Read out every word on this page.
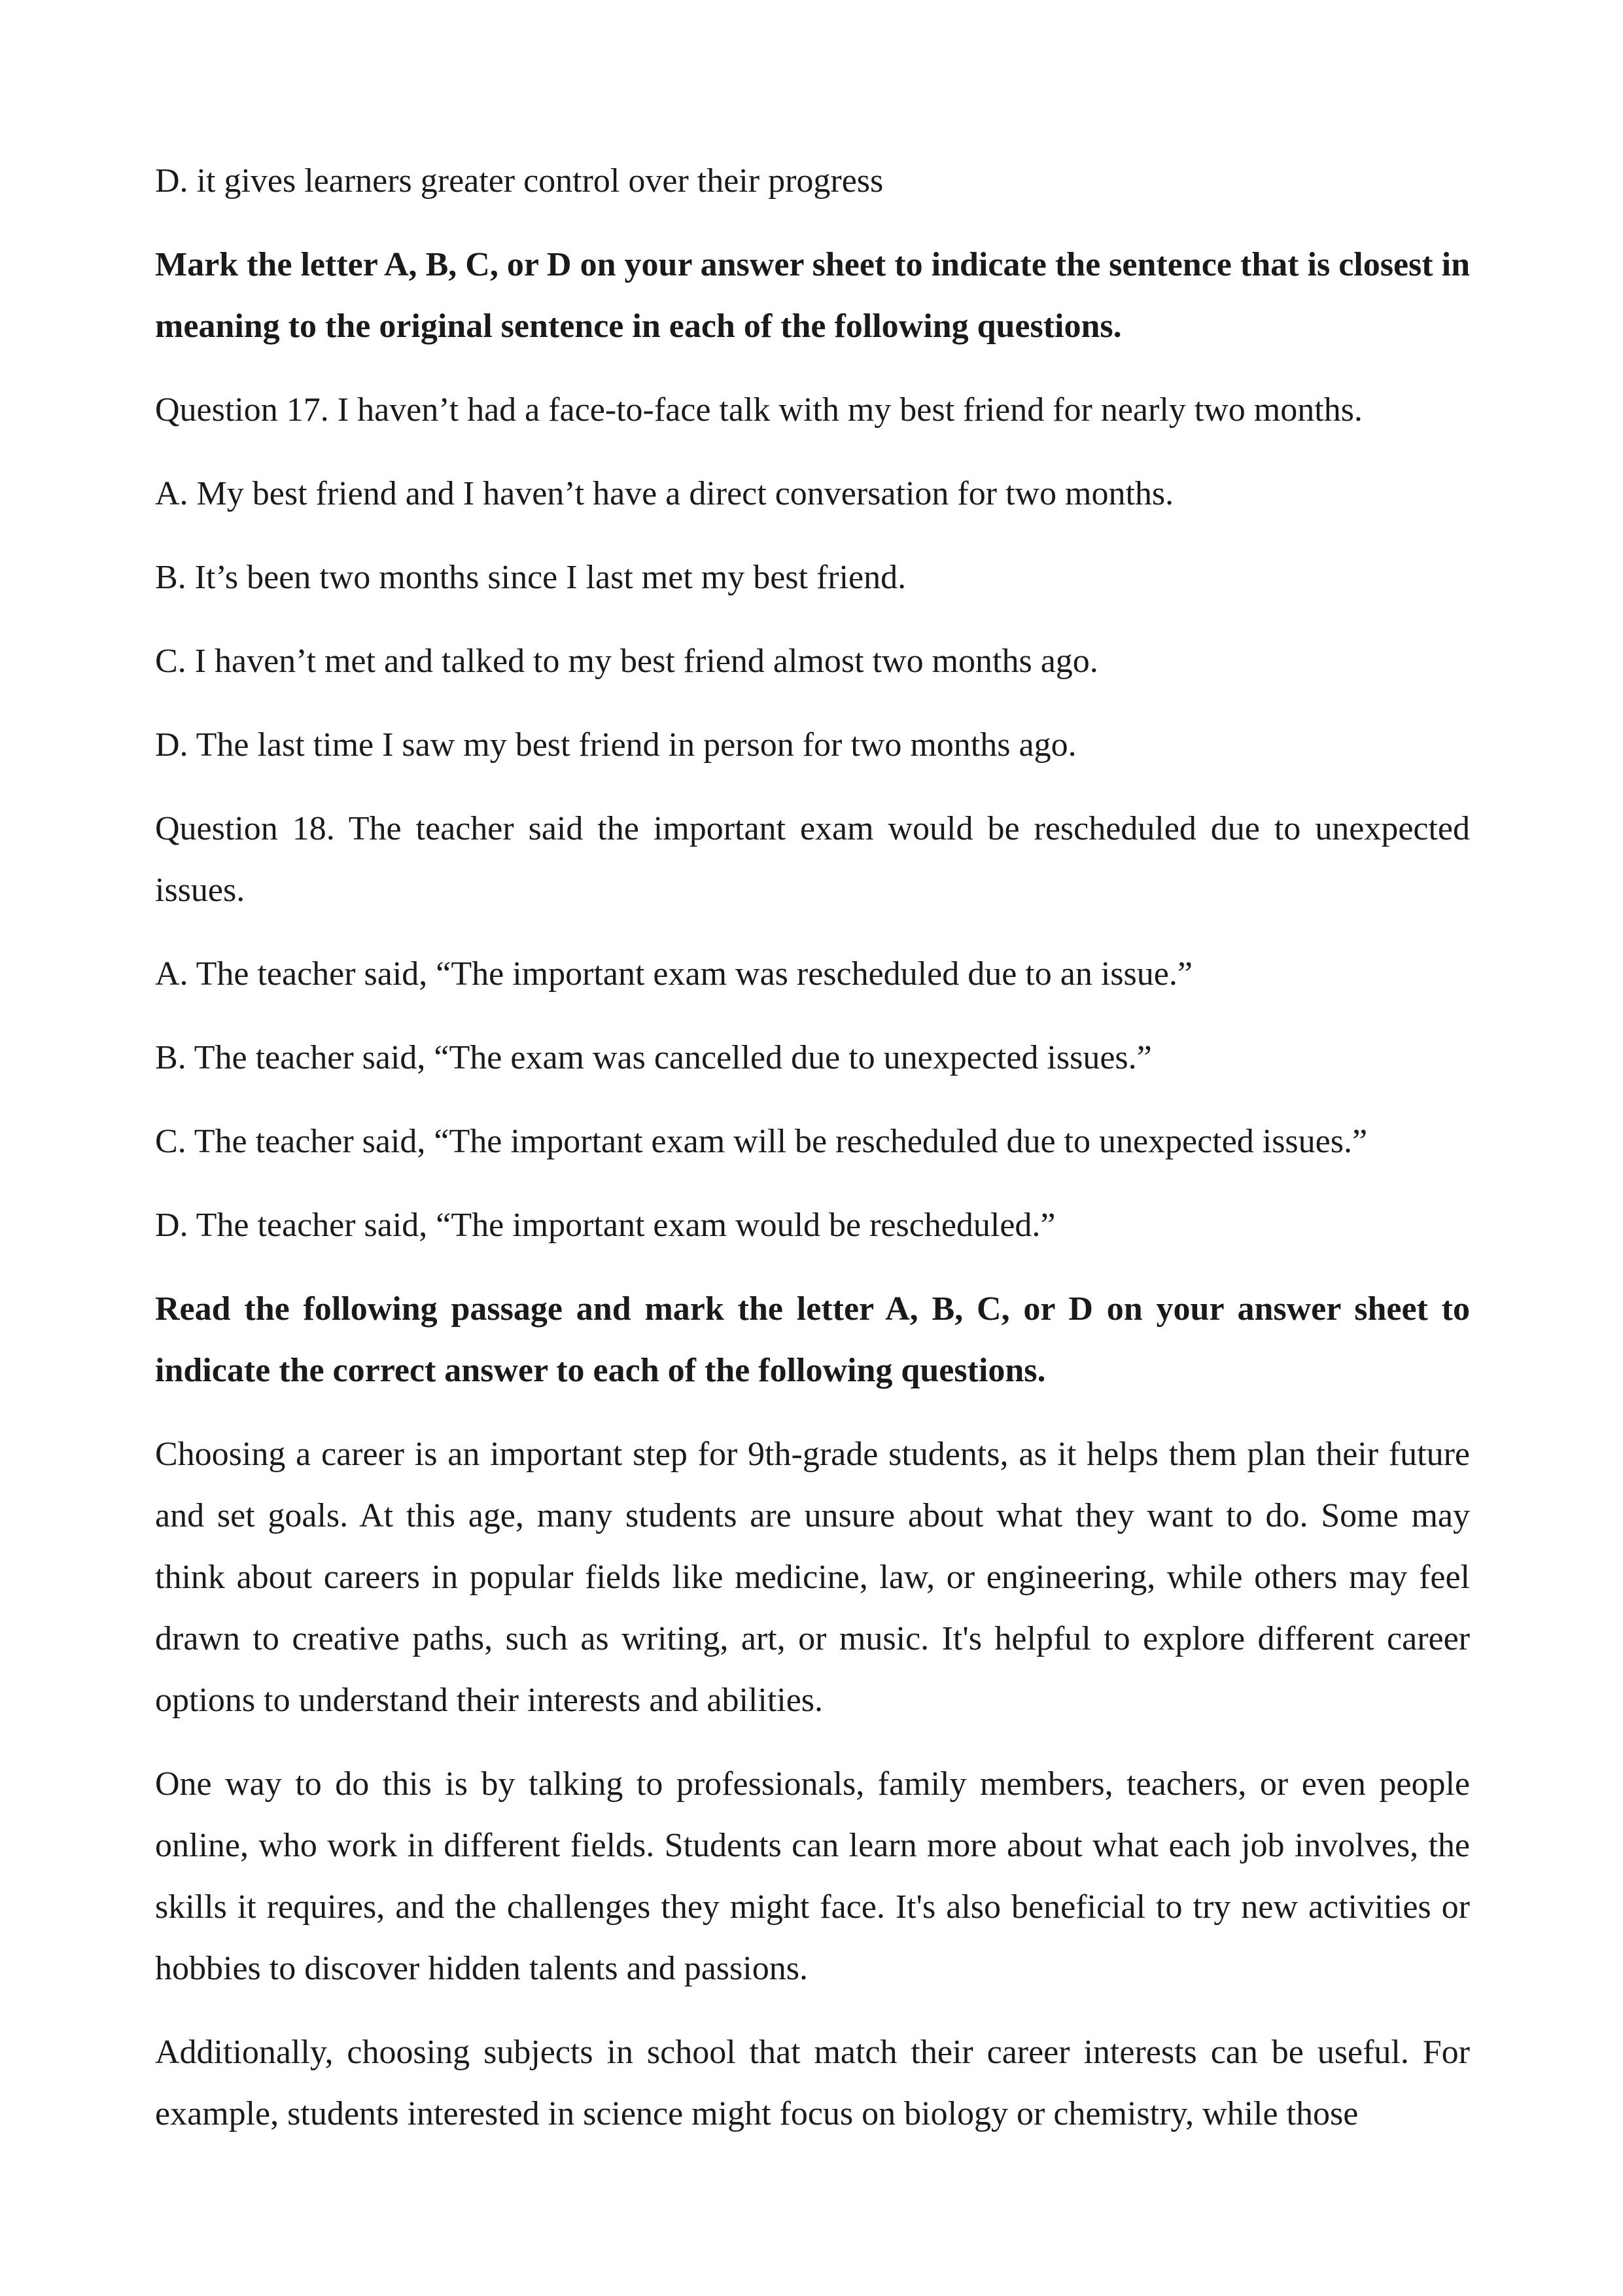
D. it gives learners greater control over their progress

Mark the letter A, B, C, or D on your answer sheet to indicate the sentence that is closest in meaning to the original sentence in each of the following questions.

Question 17. I haven’t had a face-to-face talk with my best friend for nearly two months.

A. My best friend and I haven’t have a direct conversation for two months.

B. It’s been two months since I last met my best friend.

C. I haven’t met and talked to my best friend almost two months ago.

D. The last time I saw my best friend in person for two months ago.

Question 18. The teacher said the important exam would be rescheduled due to unexpected issues.

A. The teacher said, “The important exam was rescheduled due to an issue.”

B. The teacher said, “The exam was cancelled due to unexpected issues.”

C. The teacher said, “The important exam will be rescheduled due to unexpected issues.”

D. The teacher said, “The important exam would be rescheduled.”

Read the following passage and mark the letter A, B, C, or D on your answer sheet to indicate the correct answer to each of the following questions.

Choosing a career is an important step for 9th-grade students, as it helps them plan their future and set goals. At this age, many students are unsure about what they want to do. Some may think about careers in popular fields like medicine, law, or engineering, while others may feel drawn to creative paths, such as writing, art, or music. It's helpful to explore different career options to understand their interests and abilities.

One way to do this is by talking to professionals, family members, teachers, or even people online, who work in different fields. Students can learn more about what each job involves, the skills it requires, and the challenges they might face. It's also beneficial to try new activities or hobbies to discover hidden talents and passions.

Additionally, choosing subjects in school that match their career interests can be useful. For example, students interested in science might focus on biology or chemistry, while those
